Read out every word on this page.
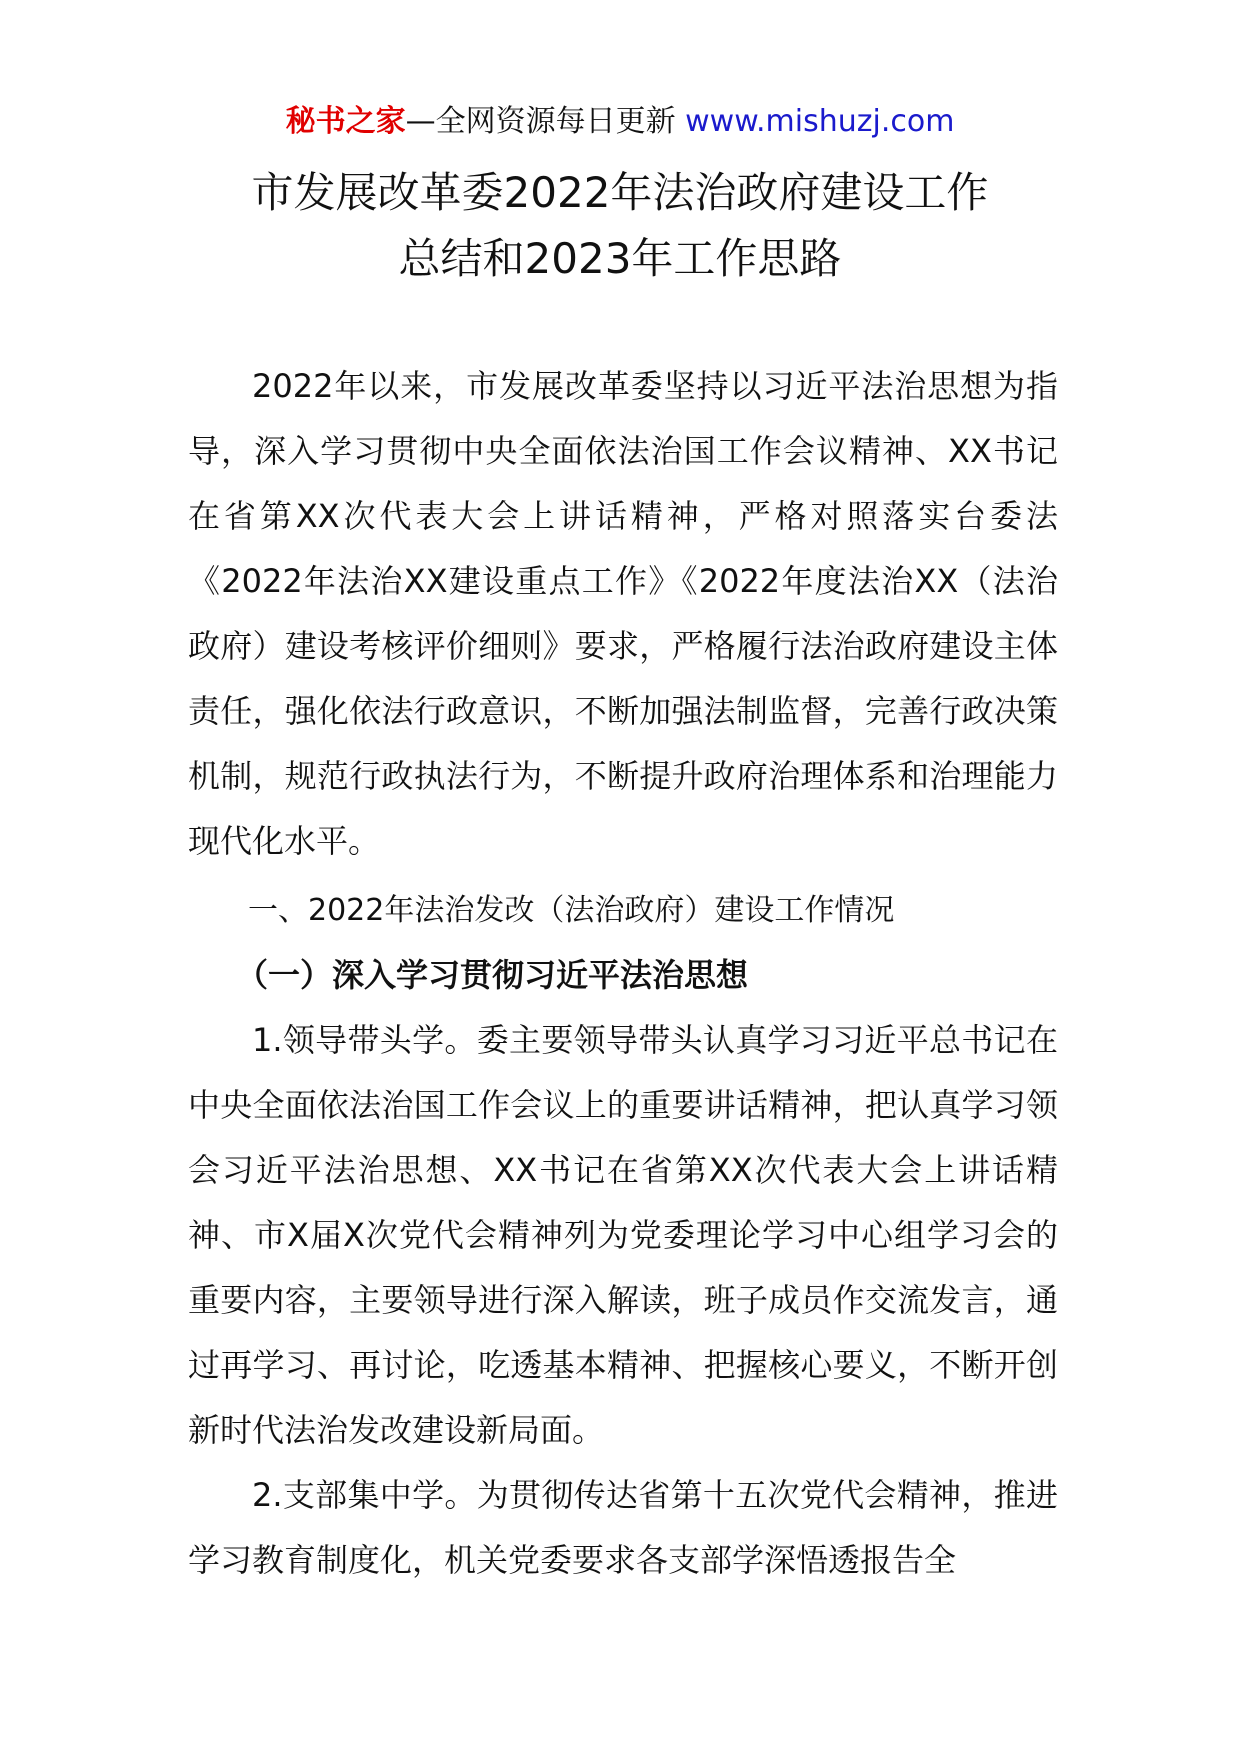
秘书之家—全网资源每日更新 www.mishuzj.com
市发展改革委2022年法治政府建设工作
总结和2023年工作思路

2022年以来，市发展改革委坚持以习近平法治思想为指导，深入学习贯彻中央全面依法治国工作会议精神、XX书记在省第XX次代表大会上讲话精神，严格对照落实台委法《2022年法治XX建设重点工作》《2022年度法治XX（法治政府）建设考核评价细则》要求，严格履行法治政府建设主体责任，强化依法行政意识，不断加强法制监督，完善行政决策机制，规范行政执法行为，不断提升政府治理体系和治理能力现代化水平。

一、2022年法治发改（法治政府）建设工作情况

（一）深入学习贯彻习近平法治思想

1.领导带头学。委主要领导带头认真学习习近平总书记在中央全面依法治国工作会议上的重要讲话精神，把认真学习领会习近平法治思想、XX书记在省第XX次代表大会上讲话精神、市X届X次党代会精神列为党委理论学习中心组学习会的重要内容，主要领导进行深入解读，班子成员作交流发言，通过再学习、再讨论，吃透基本精神、把握核心要义，不断开创新时代法治发改建设新局面。

2.支部集中学。为贯彻传达省第十五次党代会精神，推进学习教育制度化，机关党委要求各支部学深悟透报告全
